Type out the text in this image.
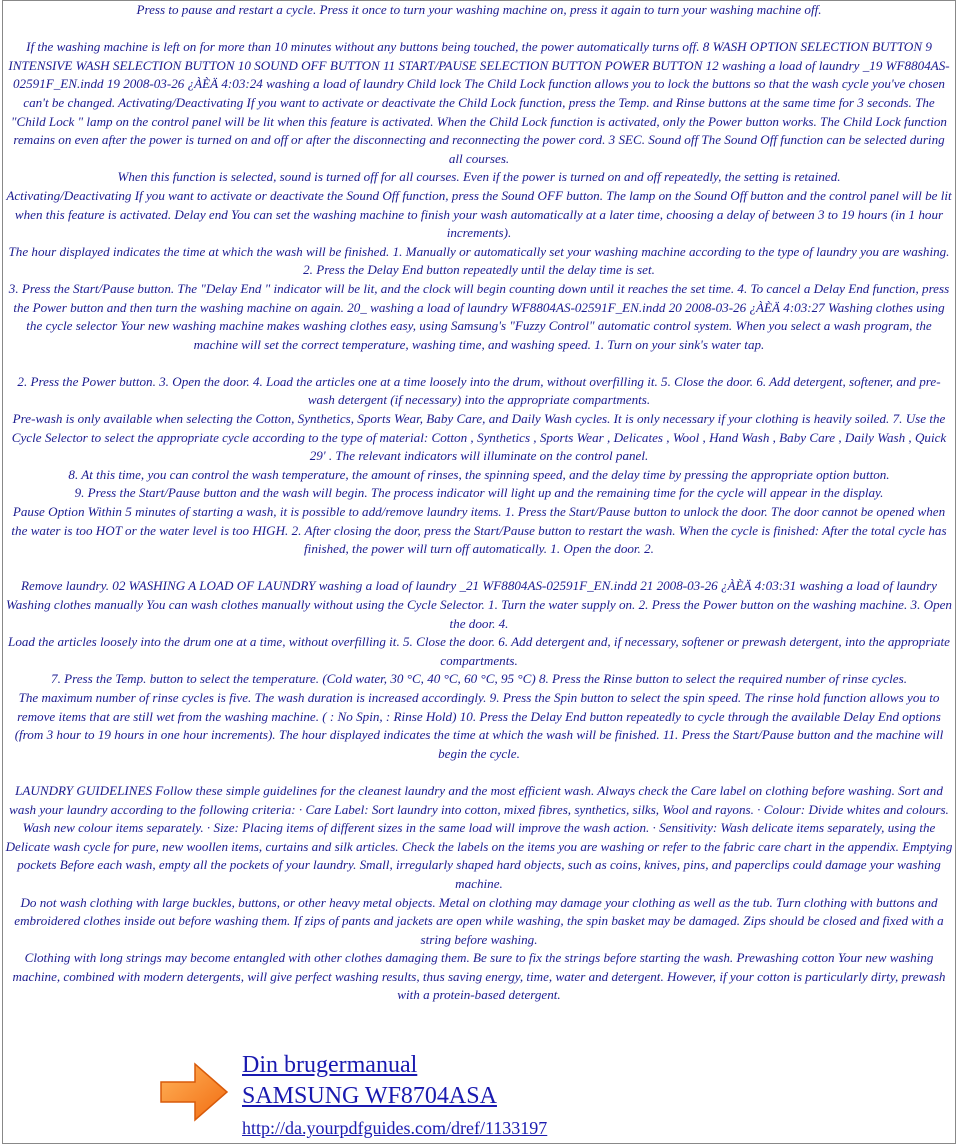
Press to pause and restart a cycle. Press it once to turn your washing machine on, press it again to turn your washing machine off.

If the washing machine is left on for more than 10 minutes without any buttons being touched, the power automatically turns off. 8 WASH OPTION SELECTION BUTTON 9 INTENSIVE WASH SELECTION BUTTON 10 SOUND OFF BUTTON 11 START/PAUSE SELECTION BUTTON POWER BUTTON 12 washing a load of laundry _19 WF8804AS-02591F_EN.indd 19 2008-03-26 ¿ÀÈÄ 4:03:24 washing a load of laundry Child lock The Child Lock function allows you to lock the buttons so that the wash cycle you've chosen can't be changed. Activating/Deactivating If you want to activate or deactivate the Child Lock function, press the Temp. and Rinse buttons at the same time for 3 seconds. The "Child Lock " lamp on the control panel will be lit when this feature is activated. When the Child Lock function is activated, only the Power button works. The Child Lock function remains on even after the power is turned on and off or after the disconnecting and reconnecting the power cord. 3 SEC. Sound off The Sound Off function can be selected during all courses.

When this function is selected, sound is turned off for all courses. Even if the power is turned on and off repeatedly, the setting is retained.

Activating/Deactivating If you want to activate or deactivate the Sound Off function, press the Sound OFF button. The lamp on the Sound Off button and the control panel will be lit when this feature is activated. Delay end You can set the washing machine to finish your wash automatically at a later time, choosing a delay of between 3 to 19 hours (in 1 hour increments).

The hour displayed indicates the time at which the wash will be finished. 1. Manually or automatically set your washing machine according to the type of laundry you are washing. 2. Press the Delay End button repeatedly until the delay time is set.

3. Press the Start/Pause button. The "Delay End " indicator will be lit, and the clock will begin counting down until it reaches the set time. 4. To cancel a Delay End function, press the Power button and then turn the washing machine on again. 20_ washing a load of laundry WF8804AS-02591F_EN.indd 20 2008-03-26 ¿ÀÈÄ 4:03:27 Washing clothes using the cycle selector Your new washing machine makes washing clothes easy, using Samsung's "Fuzzy Control" automatic control system. When you select a wash program, the machine will set the correct temperature, washing time, and washing speed. 1. Turn on your sink's water tap.

2. Press the Power button. 3. Open the door. 4. Load the articles one at a time loosely into the drum, without overfilling it. 5. Close the door. 6. Add detergent, softener, and pre-wash detergent (if necessary) into the appropriate compartments.

Pre-wash is only available when selecting the Cotton, Synthetics, Sports Wear, Baby Care, and Daily Wash cycles. It is only necessary if your clothing is heavily soiled. 7. Use the Cycle Selector to select the appropriate cycle according to the type of material: Cotton , Synthetics , Sports Wear , Delicates , Wool , Hand Wash , Baby Care , Daily Wash , Quick 29' . The relevant indicators will illuminate on the control panel.

8. At this time, you can control the wash temperature, the amount of rinses, the spinning speed, and the delay time by pressing the appropriate option button.

9. Press the Start/Pause button and the wash will begin. The process indicator will light up and the remaining time for the cycle will appear in the display.

Pause Option Within 5 minutes of starting a wash, it is possible to add/remove laundry items. 1. Press the Start/Pause button to unlock the door. The door cannot be opened when the water is too HOT or the water level is too HIGH. 2. After closing the door, press the Start/Pause button to restart the wash. When the cycle is finished: After the total cycle has finished, the power will turn off automatically. 1. Open the door. 2.

Remove laundry. 02 WASHING A LOAD OF LAUNDRY washing a load of laundry _21 WF8804AS-02591F_EN.indd 21 2008-03-26 ¿ÀÈÄ 4:03:31 washing a load of laundry Washing clothes manually You can wash clothes manually without using the Cycle Selector. 1. Turn the water supply on. 2. Press the Power button on the washing machine. 3. Open the door. 4.

Load the articles loosely into the drum one at a time, without overfilling it. 5. Close the door. 6. Add detergent and, if necessary, softener or prewash detergent, into the appropriate compartments.

7. Press the Temp. button to select the temperature. (Cold water, 30 °C, 40 °C, 60 °C, 95 °C) 8. Press the Rinse button to select the required number of rinse cycles.

The maximum number of rinse cycles is five. The wash duration is increased accordingly. 9. Press the Spin button to select the spin speed. The rinse hold function allows you to remove items that are still wet from the washing machine. ( : No Spin, : Rinse Hold) 10. Press the Delay End button repeatedly to cycle through the available Delay End options (from 3 hour to 19 hours in one hour increments). The hour displayed indicates the time at which the wash will be finished. 11. Press the Start/Pause button and the machine will begin the cycle.

LAUNDRY GUIDELINES Follow these simple guidelines for the cleanest laundry and the most efficient wash. Always check the Care label on clothing before washing. Sort and wash your laundry according to the following criteria: · Care Label: Sort laundry into cotton, mixed fibres, synthetics, silks, Wool and rayons. · Colour: Divide whites and colours. Wash new colour items separately. · Size: Placing items of different sizes in the same load will improve the wash action. · Sensitivity: Wash delicate items separately, using the Delicate wash cycle for pure, new woollen items, curtains and silk articles. Check the labels on the items you are washing or refer to the fabric care chart in the appendix. Emptying pockets Before each wash, empty all the pockets of your laundry. Small, irregularly shaped hard objects, such as coins, knives, pins, and paperclips could damage your washing machine.

Do not wash clothing with large buckles, buttons, or other heavy metal objects. Metal on clothing may damage your clothing as well as the tub. Turn clothing with buttons and embroidered clothes inside out before washing them. If zips of pants and jackets are open while washing, the spin basket may be damaged. Zips should be closed and fixed with a string before washing.

Clothing with long strings may become entangled with other clothes damaging them. Be sure to fix the strings before starting the wash. Prewashing cotton Your new washing machine, combined with modern detergents, will give perfect washing results, thus saving energy, time, water and detergent. However, if your cotton is particularly dirty, prewash with a protein-based detergent.

Din brugermanual
SAMSUNG WF8704ASA
http://da.yourpdfguides.com/dref/1133197
